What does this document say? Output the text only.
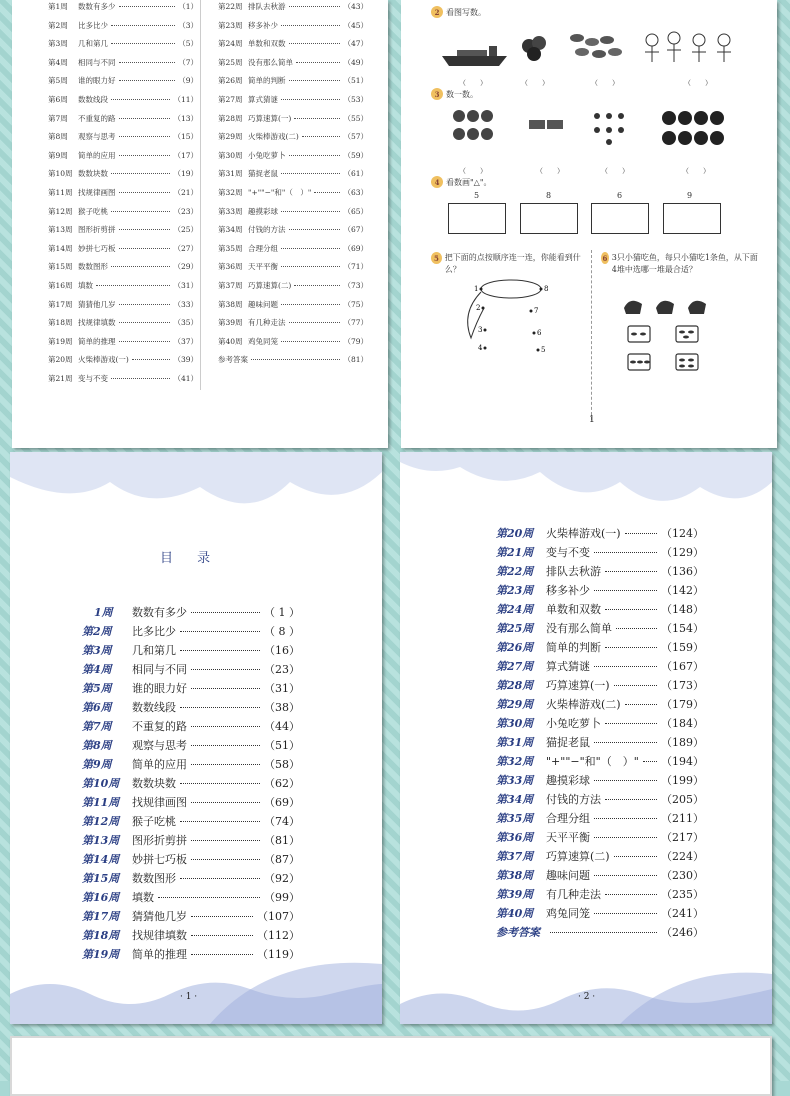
第1周	数数有多少	（1）
第2周	比多比少	（3）
第3周	几和第几	（5）
第4周	相同与不同	（7）
第5周	谁的眼力好	（9）
第6周	数数线段	（11）
第7周	不重复的路	（13）
第8周	观察与思考	（15）
第9周	简单的应用	（17）
第10周 数数块数	（19）
第11周 找规律画图	（21）
第12周 猴子吃桃	（23）
第13周 图形折剪拼	（25）
第14周 妙拼七巧板	（27）
第15周 数数图形	（29）
第16周 填数	（31）
第17周 猜猜他几岁	（33）
第18周 找规律填数	（35）
第19周 简单的推理	（37）
第20周 火柴棒游戏(一)	（39）
第21周 变与不变	（41）
第22周 排队去秋游	（43）
第23周 移多补少	（45）
第24周 单数和双数	（47）
第25周 没有那么简单	（49）
第26周 简单的判断	（51）
第27周 算式猜谜	（53）
第28周 巧算速算(一)	（55）
第29周 火柴棒游戏(二)	（57）
第30周 小兔吃萝卜	（59）
第31周 猫捉老鼠	（61）
第32周 "+""−"和"（　）"	（63）
第33周 趣摸彩球	（65）
第34周 付钱的方法	（67）
第35周 合理分组	（69）
第36周 天平平衡	（71）
第37周 巧算速算(二)	（73）
第38周 趣味问题	（75）
第39周 有几种走法	（77）
第40周 鸡兔同笼	（79）
参考答案	（81）
2 看图写数。
（　　）	（　　）	（　　）	（　　）
3 数一数。
（　　）	（　　）	（　　）	（　　）
4 看数画"△"。
5	8	6	9
5 把下面的点按顺序连一连，你能看到什么？
1	8
2	7
3	6
4	5
6 3只小猫吃鱼，每只小猫吃1条鱼，从下面4堆中选哪一堆最合适？
1
目 录
1周	数数有多少	（ 1 ）
第2周	比多比少	（ 8 ）
第3周	几和第几	（16）
第4周	相同与不同	（23）
第5周	谁的眼力好	（31）
第6周	数数线段	（38）
第7周	不重复的路	（44）
第8周	观察与思考	（51）
第9周	简单的应用	（58）
第10周	数数块数	（62）
第11周	找规律画图	（69）
第12周	猴子吃桃	（74）
第13周	图形折剪拼	（81）
第14周	妙拼七巧板	（87）
第15周	数数图形	（92）
第16周	填数	（99）
第17周	猜猜他几岁	（107）
第18周	找规律填数	（112）
第19周	简单的推理	（119）
· 1 ·
第20周	火柴棒游戏(一)	（124）
第21周	变与不变	（129）
第22周	排队去秋游	（136）
第23周	移多补少	（142）
第24周	单数和双数	（148）
第25周	没有那么简单	（154）
第26周	简单的判断	（159）
第27周	算式猜谜	（167）
第28周	巧算速算(一)	（173）
第29周	火柴棒游戏(二)	（179）
第30周	小兔吃萝卜	（184）
第31周	猫捉老鼠	（189）
第32周	"+""−"和"（　）" （194）
第33周	趣摸彩球	（199）
第34周	付钱的方法	（205）
第35周	合理分组	（211）
第36周	天平平衡	（217）
第37周	巧算速算(二)	（224）
第38周	趣味问题	（230）
第39周	有几种走法	（235）
第40周	鸡兔同笼	（241）
参考答案	（246）
· 2 ·
